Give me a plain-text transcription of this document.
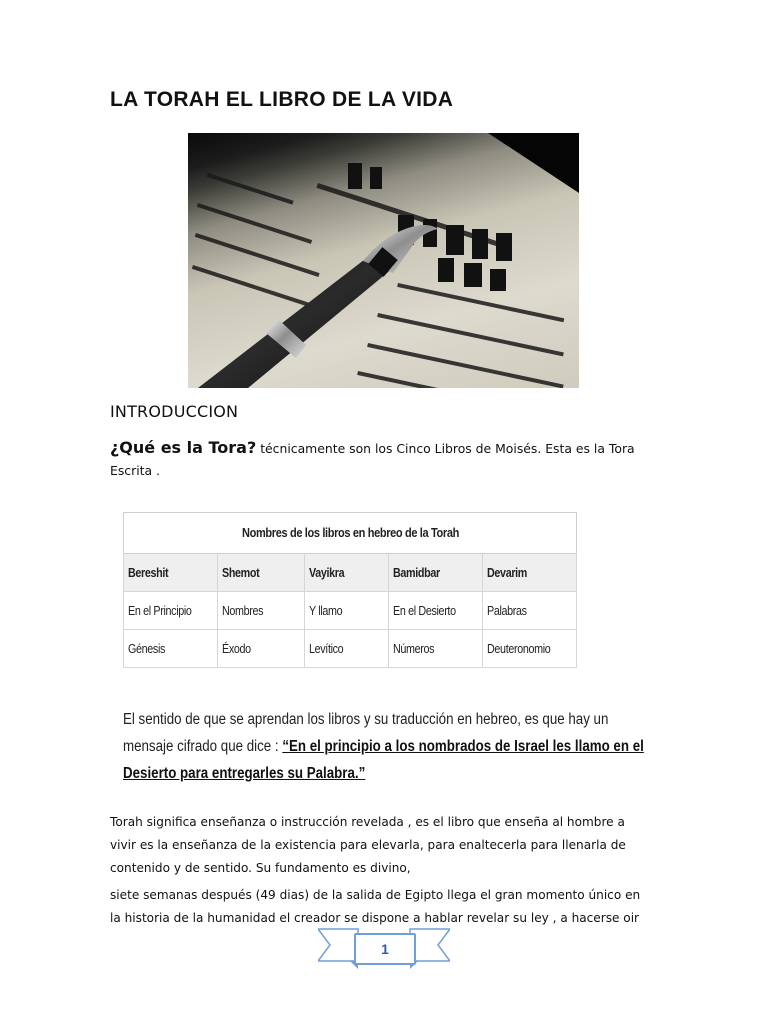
LA TORAH EL LIBRO DE LA VIDA
INTRODUCCION
¿Qué es la Tora? técnicamente son los Cinco Libros de Moisés. Esta es la Tora Escrita .
Nombres de los libros en hebreo de la Torah				
Bereshit	Shemot	Vayikra	Bamidbar	Devarim
En el Principio	Nombres	Y llamo	En el Desierto	Palabras
Génesis	Éxodo	Levítico	Números	Deuteronomio
El sentido de que se aprendan los libros y su traducción en hebreo, es que hay un
mensaje cifrado que dice : “En el principio a los nombrados de Israel les llamo en el
Desierto para entregarles su Palabra.”
Torah significa enseñanza o instrucción revelada , es el libro que enseña al hombre a
vivir es la enseñanza de la existencia para elevarla, para enaltecerla para llenarla de
contenido y de sentido. Su fundamento es divino,
siete semanas después (49 dias) de la salida de Egipto llega el gran momento único en
la historia de la humanidad el creador se dispone a hablar revelar su ley , a hacerse oir
1
